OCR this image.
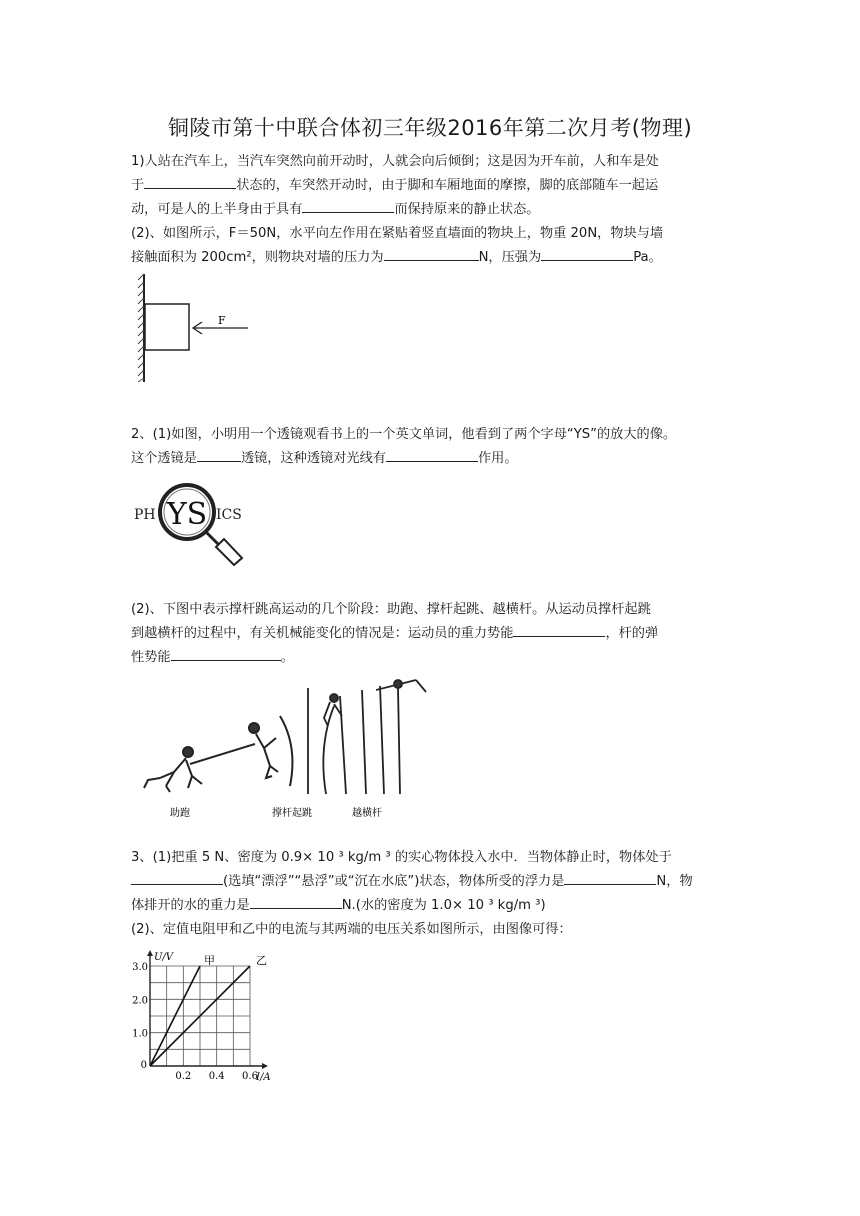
铜陵市第十中联合体初三年级2016年第二次月考(物理)

1)人站在汽车上，当汽车突然向前开动时，人就会向后倾倒；这是因为开车前，人和车是处

于	状态的，车突然开动时，由于脚和车厢地面的摩擦，脚的底部随车一起运

动，可是人的上半身由于具有	而保持原来的静止状态。

(2)、如图所示，F＝50N，水平向左作用在紧贴着竖直墙面的物块上，物重 20N，物块与墙

接触面积为 200cm²，则物块对墙的压力为	N，压强为	Pa。

F

2、(1)如图，小明用一个透镜观看书上的一个英文单词，他看到了两个字母“YS”的放大的像。

这个透镜是	透镜，这种透镜对光线有	作用。

PH YS ICS

(2)、下图中表示撑杆跳高运动的几个阶段：助跑、撑杆起跳、越横杆。从运动员撑杆起跳

到越横杆的过程中，有关机械能变化的情况是：运动员的重力势能	，杆的弹

性势能	。

助跑	撑杆起跳	越横杆

3、(1)把重 5 N、密度为 0.9× 10 ³ kg/m ³ 的实心物体投入水中．当物体静止时，物体处于

(选填“漂浮”“悬浮”或“沉在水底”)状态，物体所受的浮力是	N，物

体排开的水的重力是	N.(水的密度为 1.0× 10 ³ kg/m ³)

(2)、定值电阻甲和乙中的电流与其两端的电压关系如图所示，由图像可得：

I/A
U/V
0.2 0.4 0.6
1.0
2.0
3.0
0
甲	乙
